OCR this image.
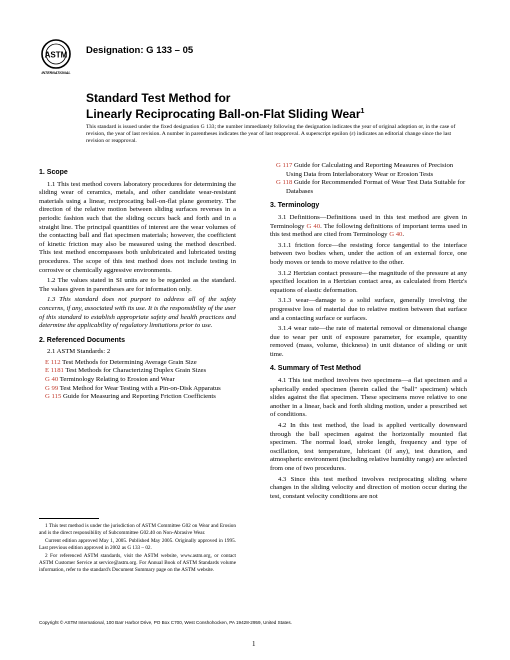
ASTM
INTERNATIONAL
Designation: G 133 – 05
Standard Test Method for
Linearly Reciprocating Ball-on-Flat Sliding Wear$^1$
This standard is issued under the fixed designation G 133; the number immediately following the designation indicates the year of original adoption or, in the case of revision, the year of last revision. A number in parentheses indicates the year of last reapproval. A superscript epsilon (ε) indicates an editorial change since the last revision or reapproval.
1. Scope

1.1 This test method covers laboratory procedures for determining the sliding wear of ceramics, metals, and other candidate wear-resistant materials using a linear, reciprocating ball-on-flat plane geometry. The direction of the relative motion between sliding surfaces reverses in a periodic fashion such that the sliding occurs back and forth and in a straight line. The principal quantities of interest are the wear volumes of the contacting ball and flat specimen materials; however, the coefficient of kinetic friction may also be measured using the method described. This test method encompasses both unlubricated and lubricated testing procedures. The scope of this test method does not include testing in corrosive or chemically aggressive environments.

1.2 The values stated in SI units are to be regarded as the standard. The values given in parentheses are for information only.

1.3 This standard does not purport to address all of the safety concerns, if any, associated with its use. It is the responsibility of the user of this standard to establish appropriate safety and health practices and determine the applicability of regulatory limitations prior to use.

2. Referenced Documents

2.1 ASTM Standards: 2

E 112 Test Methods for Determining Average Grain Size

E 1181 Test Methods for Characterizing Duplex Grain Sizes

G 40 Terminology Relating to Erosion and Wear

G 99 Test Method for Wear Testing with a Pin-on-Disk Apparatus

G 115 Guide for Measuring and Reporting Friction Coefficients

1 This test method is under the jurisdiction of ASTM Committee G02 on Wear and Erosion and is the direct responsibility of Subcommittee G02.40 on Non-Abrasive Wear.

Current edition approved May 1, 2005. Published May 2005. Originally approved in 1995. Last previous edition approved in 2002 as G 133 – 02.

2 For referenced ASTM standards, visit the ASTM website, www.astm.org, or contact ASTM Customer Service at service@astm.org. For Annual Book of ASTM Standards volume information, refer to the standard's Document Summary page on the ASTM website.

G 117 Guide for Calculating and Reporting Measures of Precision Using Data from Interlaboratory Wear or Erosion Tests

G 118 Guide for Recommended Format of Wear Test Data Suitable for Databases

3. Terminology

3.1 Definitions—Definitions used in this test method are given in Terminology G 40. The following definitions of important terms used in this test method are cited from Terminology G 40.

3.1.1 friction force—the resisting force tangential to the interface between two bodies when, under the action of an external force, one body moves or tends to move relative to the other.

3.1.2 Hertzian contact pressure—the magnitude of the pressure at any specified location in a Hertzian contact area, as calculated from Hertz's equations of elastic deformation.

3.1.3 wear—damage to a solid surface, generally involving the progressive loss of material due to relative motion between that surface and a contacting surface or surfaces.

3.1.4 wear rate—the rate of material removal or dimensional change due to wear per unit of exposure parameter, for example, quantity removed (mass, volume, thickness) in unit distance of sliding or unit time.

4. Summary of Test Method

4.1 This test method involves two specimens—a flat specimen and a spherically ended specimen (herein called the "ball" specimen) which slides against the flat specimen. These specimens move relative to one another in a linear, back and forth sliding motion, under a prescribed set of conditions.

4.2 In this test method, the load is applied vertically downward through the ball specimen against the horizontally mounted flat specimen. The normal load, stroke length, frequency and type of oscillation, test temperature, lubricant (if any), test duration, and atmospheric environment (including relative humidity range) are selected from one of two procedures.

4.3 Since this test method involves reciprocating sliding where changes in the sliding velocity and direction of motion occur during the test, constant velocity conditions are not

Copyright © ASTM International, 100 Barr Harbor Drive, PO Box C700, West Conshohocken, PA 19428-2959, United States.
1
